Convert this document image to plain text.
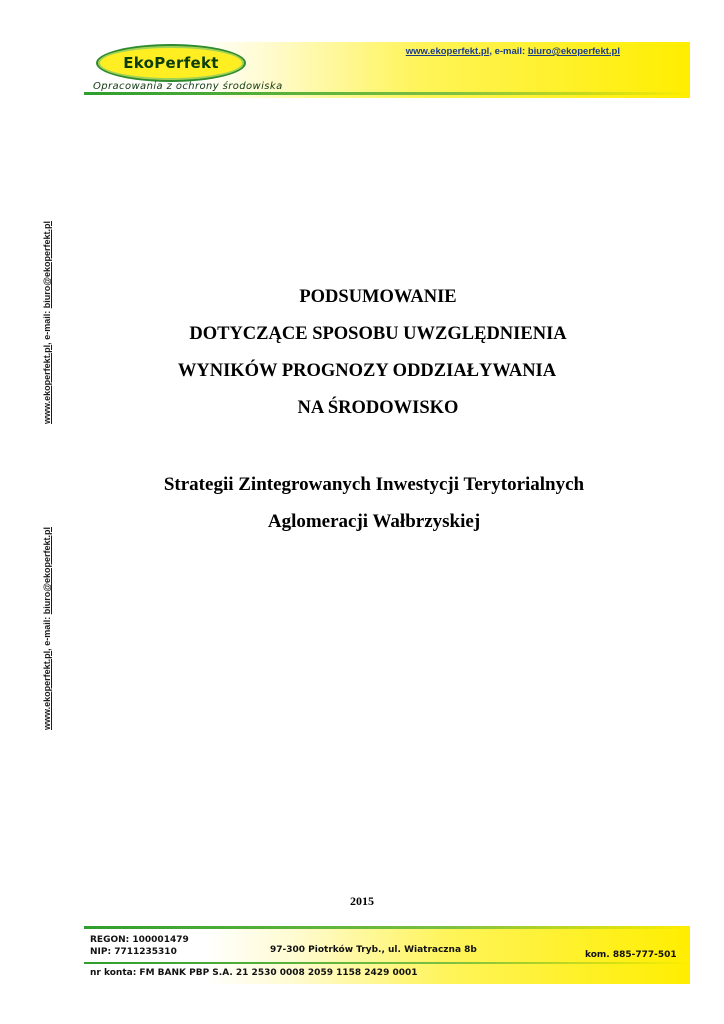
EkoPerfekt
Opracowania z ochrony środowiska
www.ekoperfekt.pl, e-mail: biuro@ekoperfekt.pl
www.ekoperfekt.pl, e-mail: biuro@ekoperfekt.pl
www.ekoperfekt.pl, e-mail: biuro@ekoperfekt.pl
PODSUMOWANIE
DOTYCZĄCE SPOSOBU UWZGLĘDNIENIA
WYNIKÓW PROGNOZY ODDZIAŁYWANIA
NA ŚRODOWISKO
Strategii Zintegrowanych Inwestycji Terytorialnych
Aglomeracji Wałbrzyskiej
2015
REGON: 100001479
NIP: 7711235310	97-300 Piotrków Tryb., ul. Wiatraczna 8b	kom. 885-777-501
nr konta: FM BANK PBP S.A. 21 2530 0008 2059 1158 2429 0001
